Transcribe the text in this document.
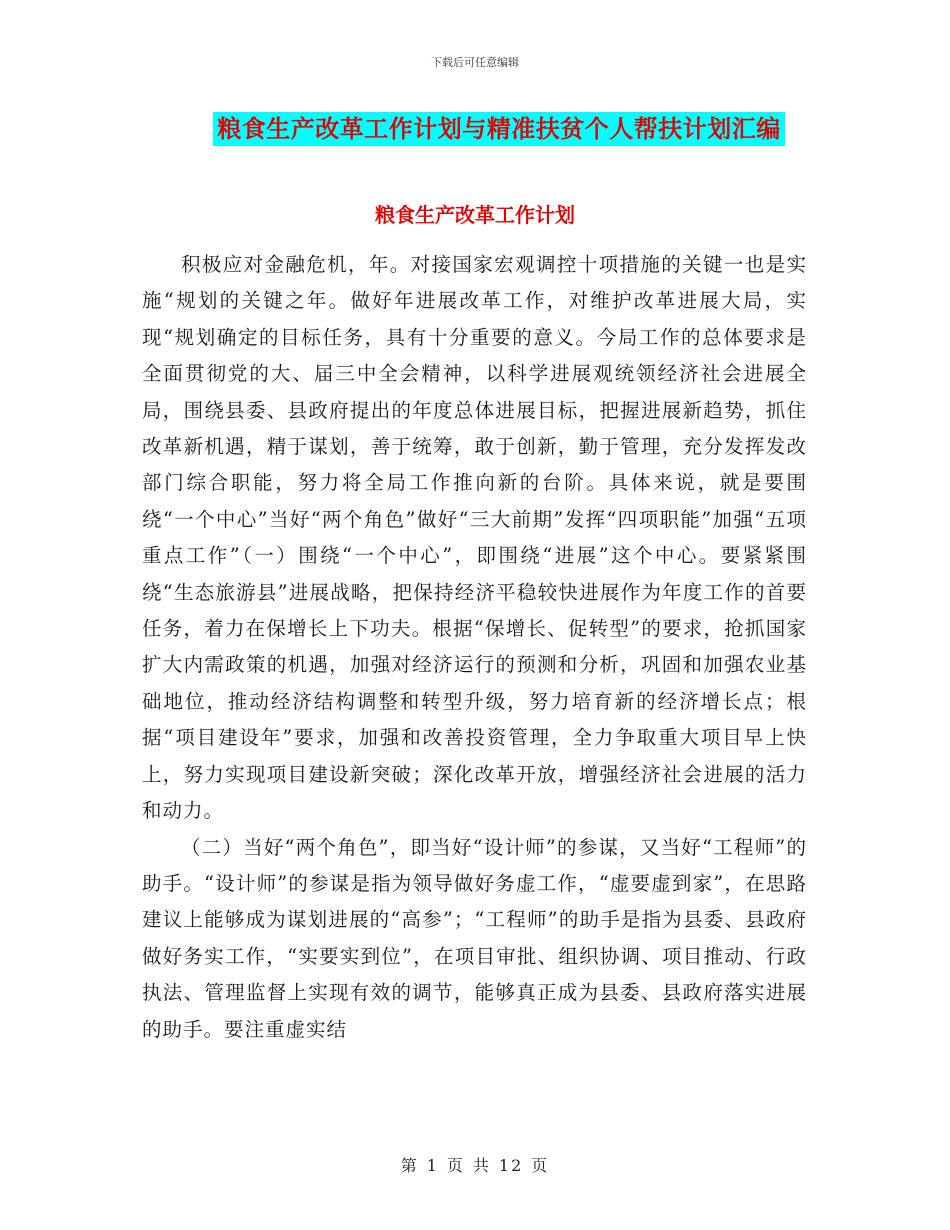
下载后可任意编辑
粮食生产改革工作计划与精准扶贫个人帮扶计划汇编
粮食生产改革工作计划

积极应对金融危机，年。对接国家宏观调控十项措施的关键一也是实施“规划的关键之年。做好年进展改革工作，对维护改革进展大局，实现“规划确定的目标任务，具有十分重要的意义。今局工作的总体要求是全面贯彻党的大、届三中全会精神，以科学进展观统领经济社会进展全局，围绕县委、县政府提出的年度总体进展目标，把握进展新趋势，抓住改革新机遇，精于谋划，善于统筹，敢于创新，勤于管理，充分发挥发改部门综合职能，努力将全局工作推向新的台阶。具体来说，就是要围绕“一个中心”当好“两个角色”做好“三大前期”发挥“四项职能”加强“五项重点工作”（一）围绕“一个中心”，即围绕“进展”这个中心。要紧紧围绕“生态旅游县”进展战略，把保持经济平稳较快进展作为年度工作的首要任务，着力在保增长上下功夫。根据“保增长、促转型”的要求，抢抓国家扩大内需政策的机遇，加强对经济运行的预测和分析，巩固和加强农业基础地位，推动经济结构调整和转型升级，努力培育新的经济增长点；根据“项目建设年”要求，加强和改善投资管理，全力争取重大项目早上快上，努力实现项目建设新突破；深化改革开放，增强经济社会进展的活力和动力。

（二）当好“两个角色”，即当好“设计师”的参谋，又当好“工程师”的助手。“设计师”的参谋是指为领导做好务虚工作，“虚要虚到家”，在思路建议上能够成为谋划进展的“高参”；“工程师”的助手是指为县委、县政府做好务实工作，“实要实到位”，在项目审批、组织协调、项目推动、行政执法、管理监督上实现有效的调节，能够真正成为县委、县政府落实进展的助手。要注重虚实结

第 1 页 共 12 页
